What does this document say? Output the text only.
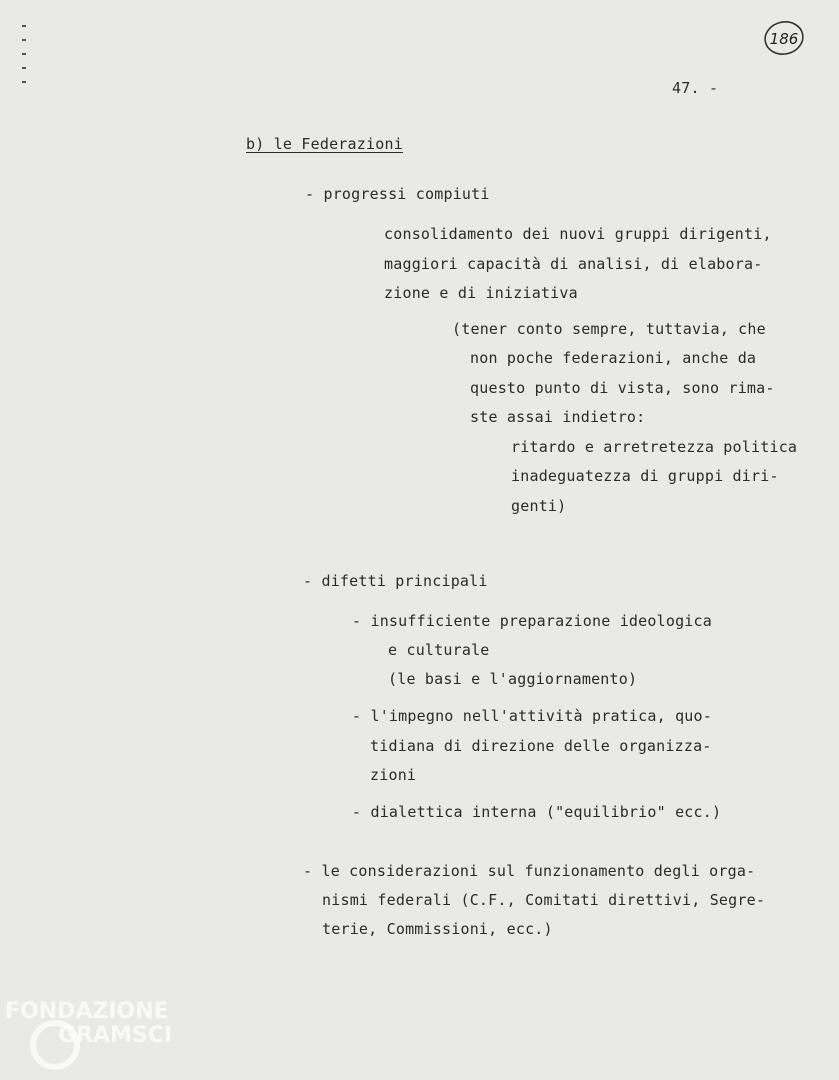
186
47. -
b) le Federazioni
- progressi compiuti
consolidamento dei nuovi gruppi dirigenti,
maggiori capacità di analisi, di elabora-
zione e di iniziativa
(tener conto sempre, tuttavia, che
non poche federazioni, anche da
questo punto di vista, sono rima-
ste assai indietro:
ritardo e arretretezza politica
inadeguatezza di gruppi diri-
genti)
- difetti principali
- insufficiente preparazione ideologica
e culturale
(le basi e l'aggiornamento)
- l'impegno nell'attività pratica, quo-
tidiana di direzione delle organizza-
zioni
- dialettica interna ("equilibrio" ecc.)
- le considerazioni sul funzionamento degli orga-
nismi federali (C.F., Comitati direttivi, Segre-
terie, Commissioni, ecc.)
FONDAZIONE
GRAMSCI
